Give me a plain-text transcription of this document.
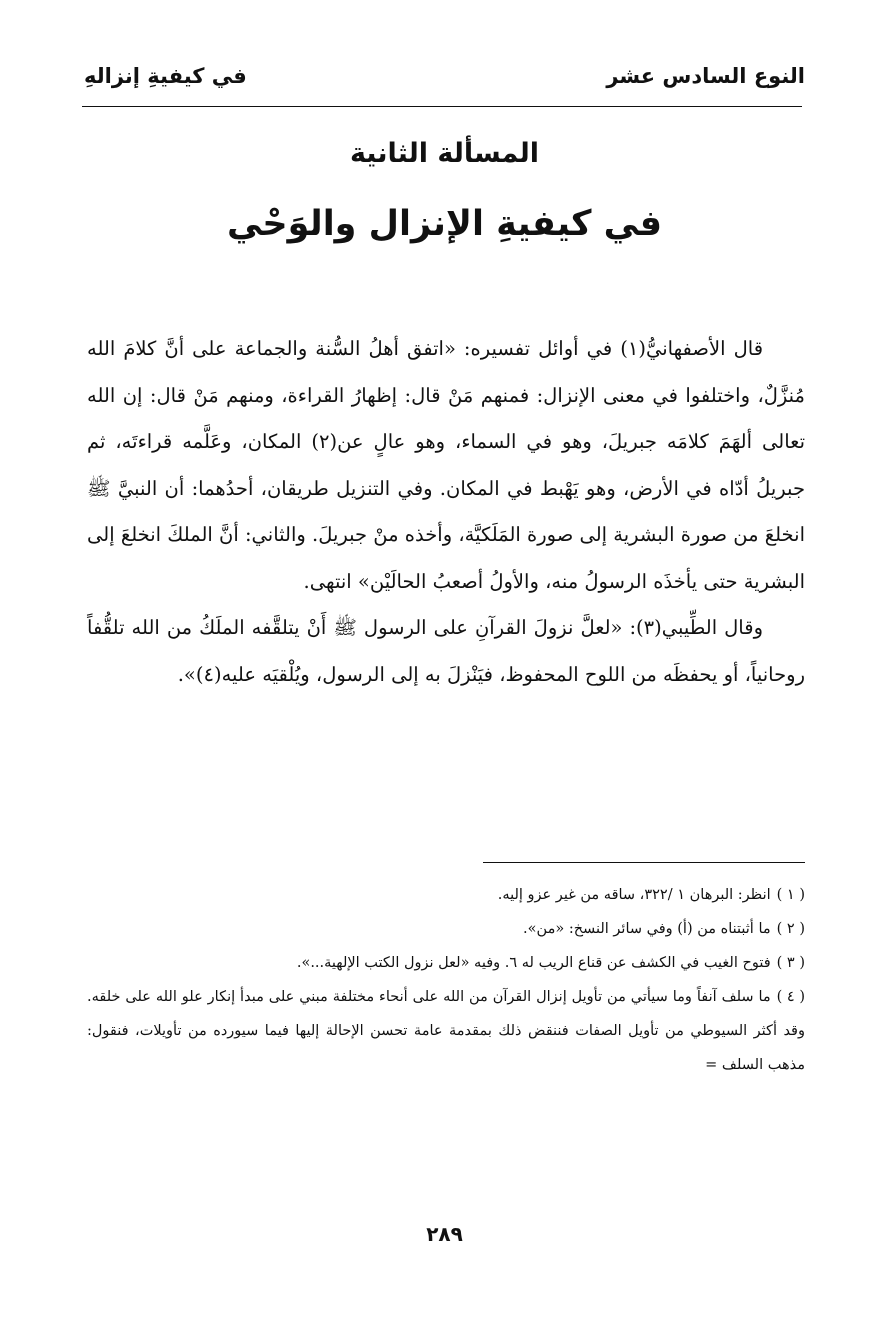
النوع السادس عشر
في كيفيةِ إنزالهِ
المسألة الثانية
في كيفيةِ الإنزال والوَحْي

قال الأصفهانيُّ(١) في أوائل تفسيره: «اتفق أهلُ السُّنة والجماعة على أنَّ كلامَ الله مُنزَّلٌ، واختلفوا في معنى الإنزال: فمنهم مَنْ قال: إظهارُ القراءة، ومنهم مَنْ قال: إن الله تعالى ألهَمَ كلامَه جبريلَ، وهو في السماء، وهو عالٍ عن(٢) المكان، وعَلَّمه قراءتَه، ثم جبريلُ أدّاه في الأرض، وهو يَهْبط في المكان. وفي التنزيل طريقان، أحدُهما: أن النبيَّ ﷺ انخلعَ من صورة البشرية إلى صورة المَلَكيَّة، وأخذه منْ جبريلَ. والثاني: أنَّ الملكَ انخلعَ إلى البشرية حتى يأخذَه الرسولُ منه، والأولُ أصعبُ الحالَيْن» انتهى.

وقال الطِّيبي(٣): «لعلَّ نزولَ القرآنِ على الرسول ﷺ أَنْ يتلقَّفه الملَكُ من الله تلقُّفاً روحانياً، أو يحفظَه من اللوح المحفوظ، فيَنْزلَ به إلى الرسول، ويُلْقيَه عليه(٤)».

( ١ )انظر: البرهان ١ /٣٢٢، ساقه من غير عزو إليه.
( ٢ )ما أثبتناه من (أ) وفي سائر النسخ: «من».
( ٣ )فتوح الغيب في الكشف عن قناع الريب له ٦. وفيه «لعل نزول الكتب الإلهية...».
( ٤ )ما سلف آنفاً وما سيأتي من تأويل إنزال القرآن من الله على أنحاء مختلفة مبني على مبدأ إنكار علو الله على خلقه. وقد أكثر السيوطي من تأويل الصفات فننقض ذلك بمقدمة عامة تحسن الإحالة إليها فيما سيورده من تأويلات، فنقول: مذهب السلف =
٢٨٩
